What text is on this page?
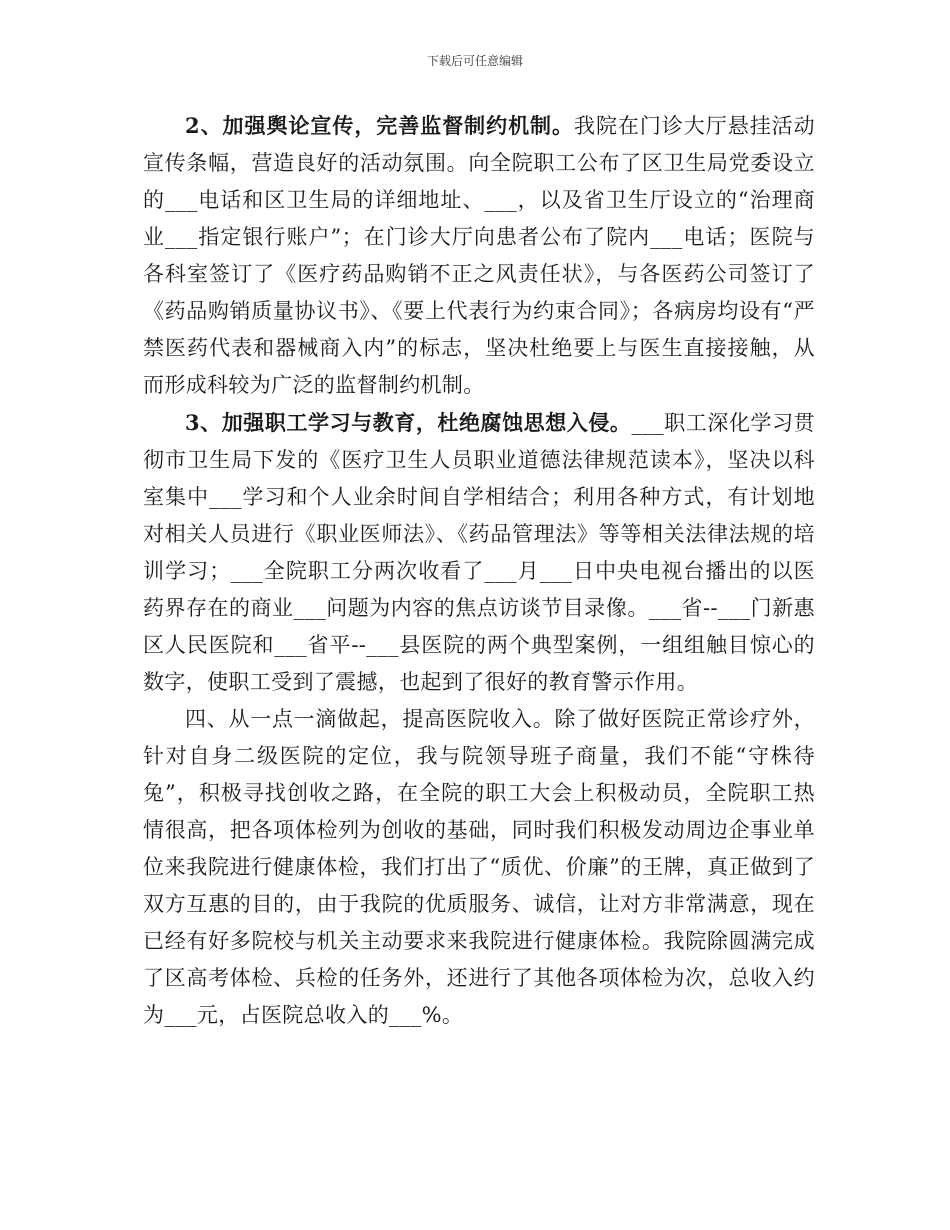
下载后可任意编辑

2、加强舆论宣传，完善监督制约机制。我院在门诊大厅悬挂活动宣传条幅，营造良好的活动氛围。向全院职工公布了区卫生局党委设立的___电话和区卫生局的详细地址、___，以及省卫生厅设立的“治理商业___指定银行账户”；在门诊大厅向患者公布了院内___电话；医院与各科室签订了《医疗药品购销不正之风责任状》，与各医药公司签订了《药品购销质量协议书》、《要上代表行为约束合同》；各病房均设有“严禁医药代表和器械商入内”的标志，坚决杜绝要上与医生直接接触，从而形成科较为广泛的监督制约机制。

3、加强职工学习与教育，杜绝腐蚀思想入侵。___职工深化学习贯彻市卫生局下发的《医疗卫生人员职业道德法律规范读本》，坚决以科室集中___学习和个人业余时间自学相结合；利用各种方式，有计划地对相关人员进行《职业医师法》、《药品管理法》等等相关法律法规的培训学习；___全院职工分两次收看了___月___日中央电视台播出的以医药界存在的商业___问题为内容的焦点访谈节目录像。___省--___门新惠区人民医院和___省平--___县医院的两个典型案例，一组组触目惊心的数字，使职工受到了震撼，也起到了很好的教育警示作用。

四、从一点一滴做起，提高医院收入。除了做好医院正常诊疗外，针对自身二级医院的定位，我与院领导班子商量，我们不能“守株待兔”，积极寻找创收之路，在全院的职工大会上积极动员，全院职工热情很高，把各项体检列为创收的基础，同时我们积极发动周边企事业单位来我院进行健康体检，我们打出了“质优、价廉”的王牌，真正做到了双方互惠的目的，由于我院的优质服务、诚信，让对方非常满意，现在已经有好多院校与机关主动要求来我院进行健康体检。我院除圆满完成了区高考体检、兵检的任务外，还进行了其他各项体检为次，总收入约为___元，占医院总收入的___%。
